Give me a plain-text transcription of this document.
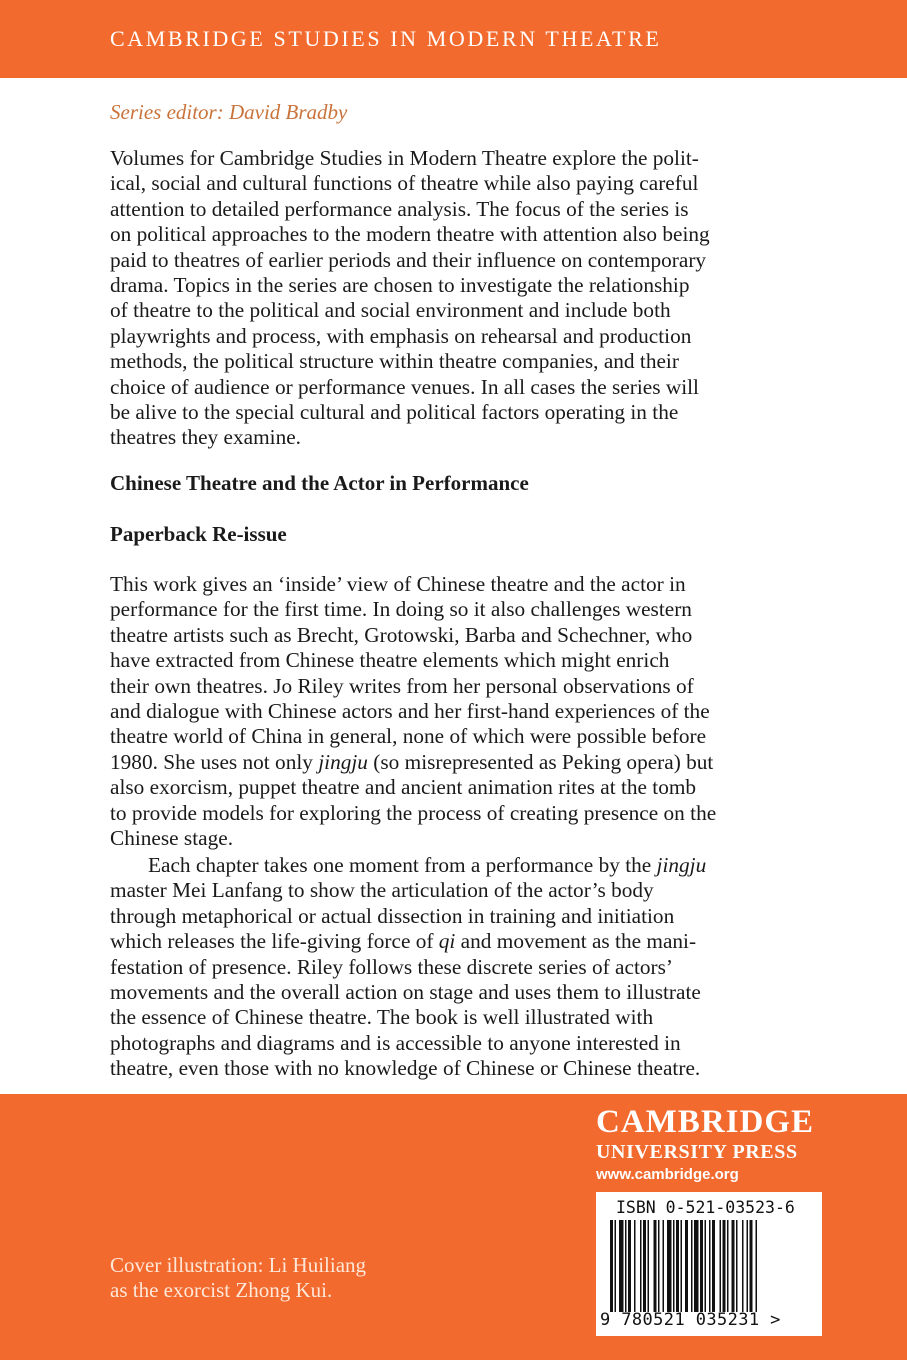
CAMBRIDGE STUDIES IN MODERN THEATRE
Series editor: David Bradby

Volumes for Cambridge Studies in Modern Theatre explore the polit-
ical, social and cultural functions of theatre while also paying careful
attention to detailed performance analysis. The focus of the series is
on political approaches to the modern theatre with attention also being
paid to theatres of earlier periods and their influence on contemporary
drama. Topics in the series are chosen to investigate the relationship
of theatre to the political and social environment and include both
playwrights and process, with emphasis on rehearsal and production
methods, the political structure within theatre companies, and their
choice of audience or performance venues. In all cases the series will
be alive to the special cultural and political factors operating in the
theatres they examine.

Chinese Theatre and the Actor in Performance
Paperback Re-issue

This work gives an ‘inside’ view of Chinese theatre and the actor in
performance for the first time. In doing so it also challenges western
theatre artists such as Brecht, Grotowski, Barba and Schechner, who
have extracted from Chinese theatre elements which might enrich
their own theatres. Jo Riley writes from her personal observations of
and dialogue with Chinese actors and her first-hand experiences of the
theatre world of China in general, none of which were possible before
1980. She uses not only jingju (so misrepresented as Peking opera) but
also exorcism, puppet theatre and ancient animation rites at the tomb
to provide models for exploring the process of creating presence on the
Chinese stage.

Each chapter takes one moment from a performance by the jingju
master Mei Lanfang to show the articulation of the actor’s body
through metaphorical or actual dissection in training and initiation
which releases the life-giving force of qi and movement as the mani-
festation of presence. Riley follows these discrete series of actors’
movements and the overall action on stage and uses them to illustrate
the essence of Chinese theatre. The book is well illustrated with
photographs and diagrams and is accessible to anyone interested in
theatre, even those with no knowledge of Chinese or Chinese theatre.

CAMBRIDGE
UNIVERSITY PRESS
www.cambridge.org
ISBN 0-521-03523-6
9 780521 035231 >
Cover illustration: Li Huiliang
as the exorcist Zhong Kui.
